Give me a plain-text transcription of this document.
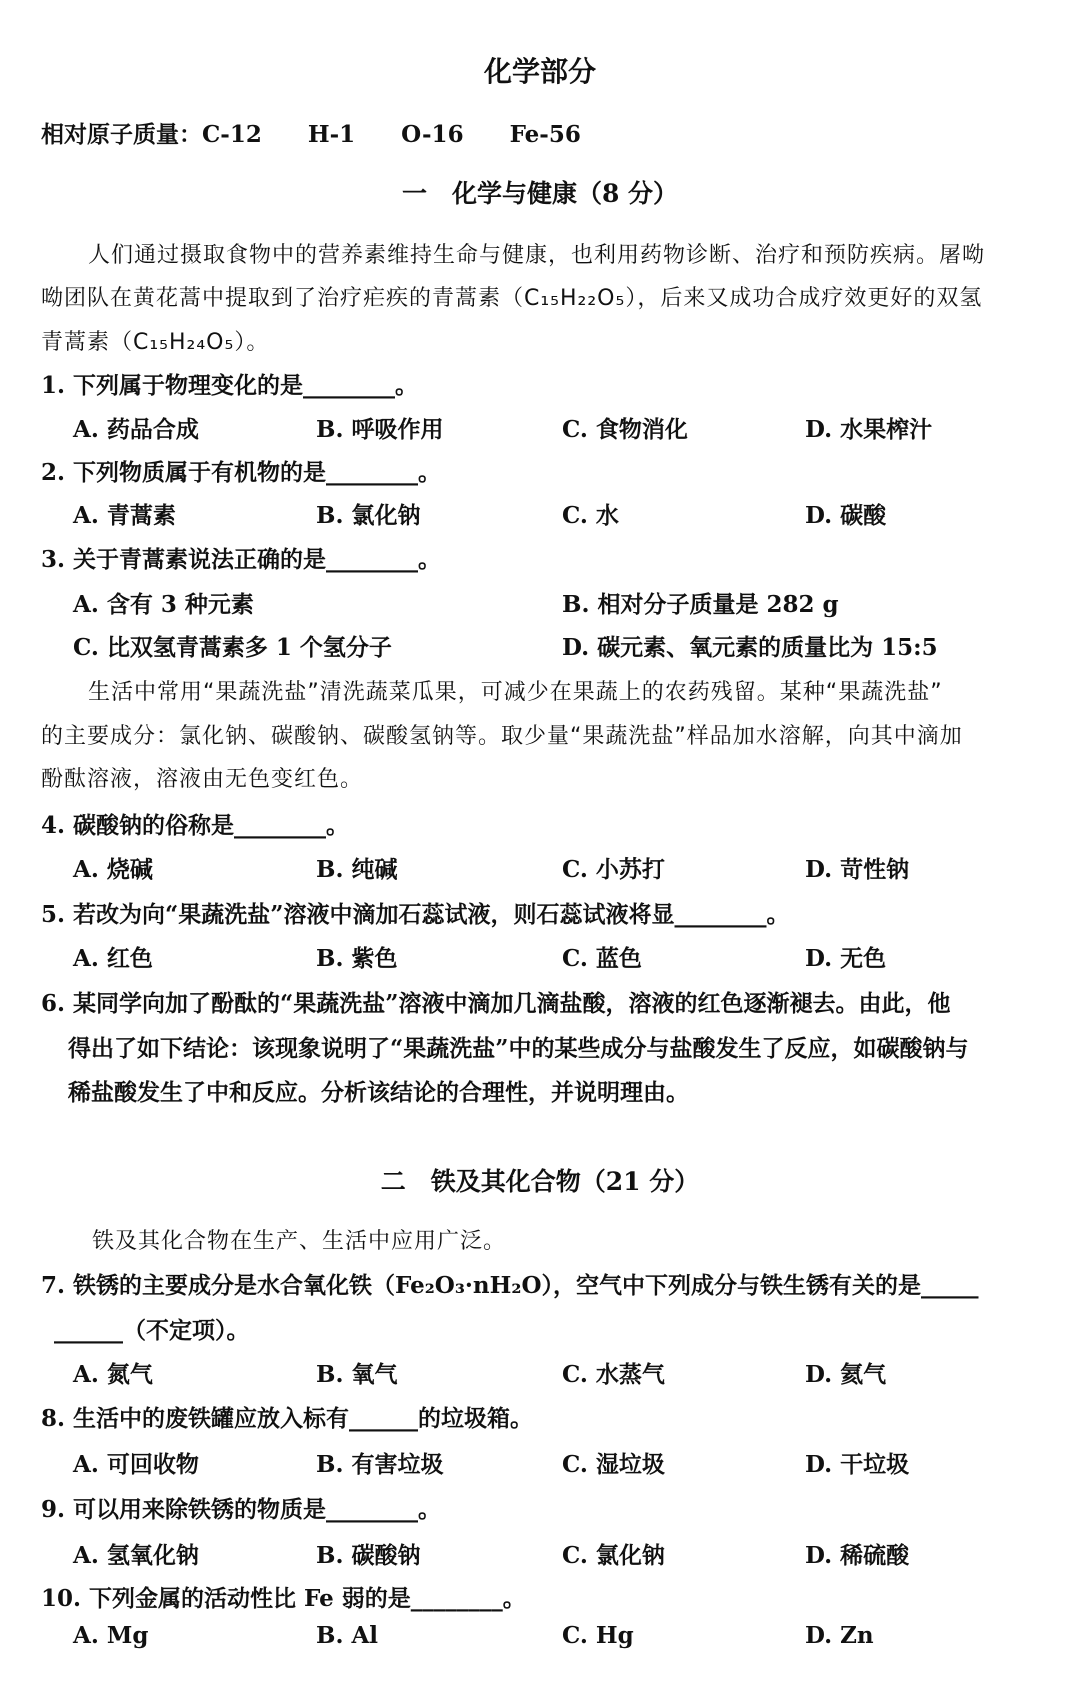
化学部分
相对原子质量：C-12　　H-1　　O-16　　Fe-56
一　化学与健康（8 分）
人们通过摄取食物中的营养素维持生命与健康，也利用药物诊断、治疗和预防疾病。屠呦
呦团队在黄花蒿中提取到了治疗疟疾的青蒿素（C₁₅H₂₂O₅），后来又成功合成疗效更好的双氢
青蒿素（C₁₅H₂₄O₅）。
1. 下列属于物理变化的是________。
A. 药品合成	B. 呼吸作用	C. 食物消化	D. 水果榨汁
2. 下列物质属于有机物的是________。
A. 青蒿素	B. 氯化钠	C. 水	D. 碳酸
3. 关于青蒿素说法正确的是________。
A. 含有 3 种元素	B. 相对分子质量是 282 g
C. 比双氢青蒿素多 1 个氢分子	D. 碳元素、氧元素的质量比为 15:5
生活中常用“果蔬洗盐”清洗蔬菜瓜果，可减少在果蔬上的农药残留。某种“果蔬洗盐”
的主要成分：氯化钠、碳酸钠、碳酸氢钠等。取少量“果蔬洗盐”样品加水溶解，向其中滴加
酚酞溶液，溶液由无色变红色。
4. 碳酸钠的俗称是________。
A. 烧碱	B. 纯碱	C. 小苏打	D. 苛性钠
5. 若改为向“果蔬洗盐”溶液中滴加石蕊试液，则石蕊试液将显________。
A. 红色	B. 紫色	C. 蓝色	D. 无色
6. 某同学向加了酚酞的“果蔬洗盐”溶液中滴加几滴盐酸，溶液的红色逐渐褪去。由此，他
得出了如下结论：该现象说明了“果蔬洗盐”中的某些成分与盐酸发生了反应，如碳酸钠与
稀盐酸发生了中和反应。分析该结论的合理性，并说明理由。
二　铁及其化合物（21 分）
铁及其化合物在生产、生活中应用广泛。
7. 铁锈的主要成分是水合氧化铁（Fe₂O₃·nH₂O），空气中下列成分与铁生锈有关的是_____
______（不定项）。
A. 氮气	B. 氧气	C. 水蒸气	D. 氦气
8. 生活中的废铁罐应放入标有______的垃圾箱。
A. 可回收物	B. 有害垃圾	C. 湿垃圾	D. 干垃圾
9. 可以用来除铁锈的物质是________。
A. 氢氧化钠	B. 碳酸钠	C. 氯化钠	D. 稀硫酸
10. 下列金属的活动性比 Fe 弱的是________。
A. Mg	B. Al	C. Hg	D. Zn
